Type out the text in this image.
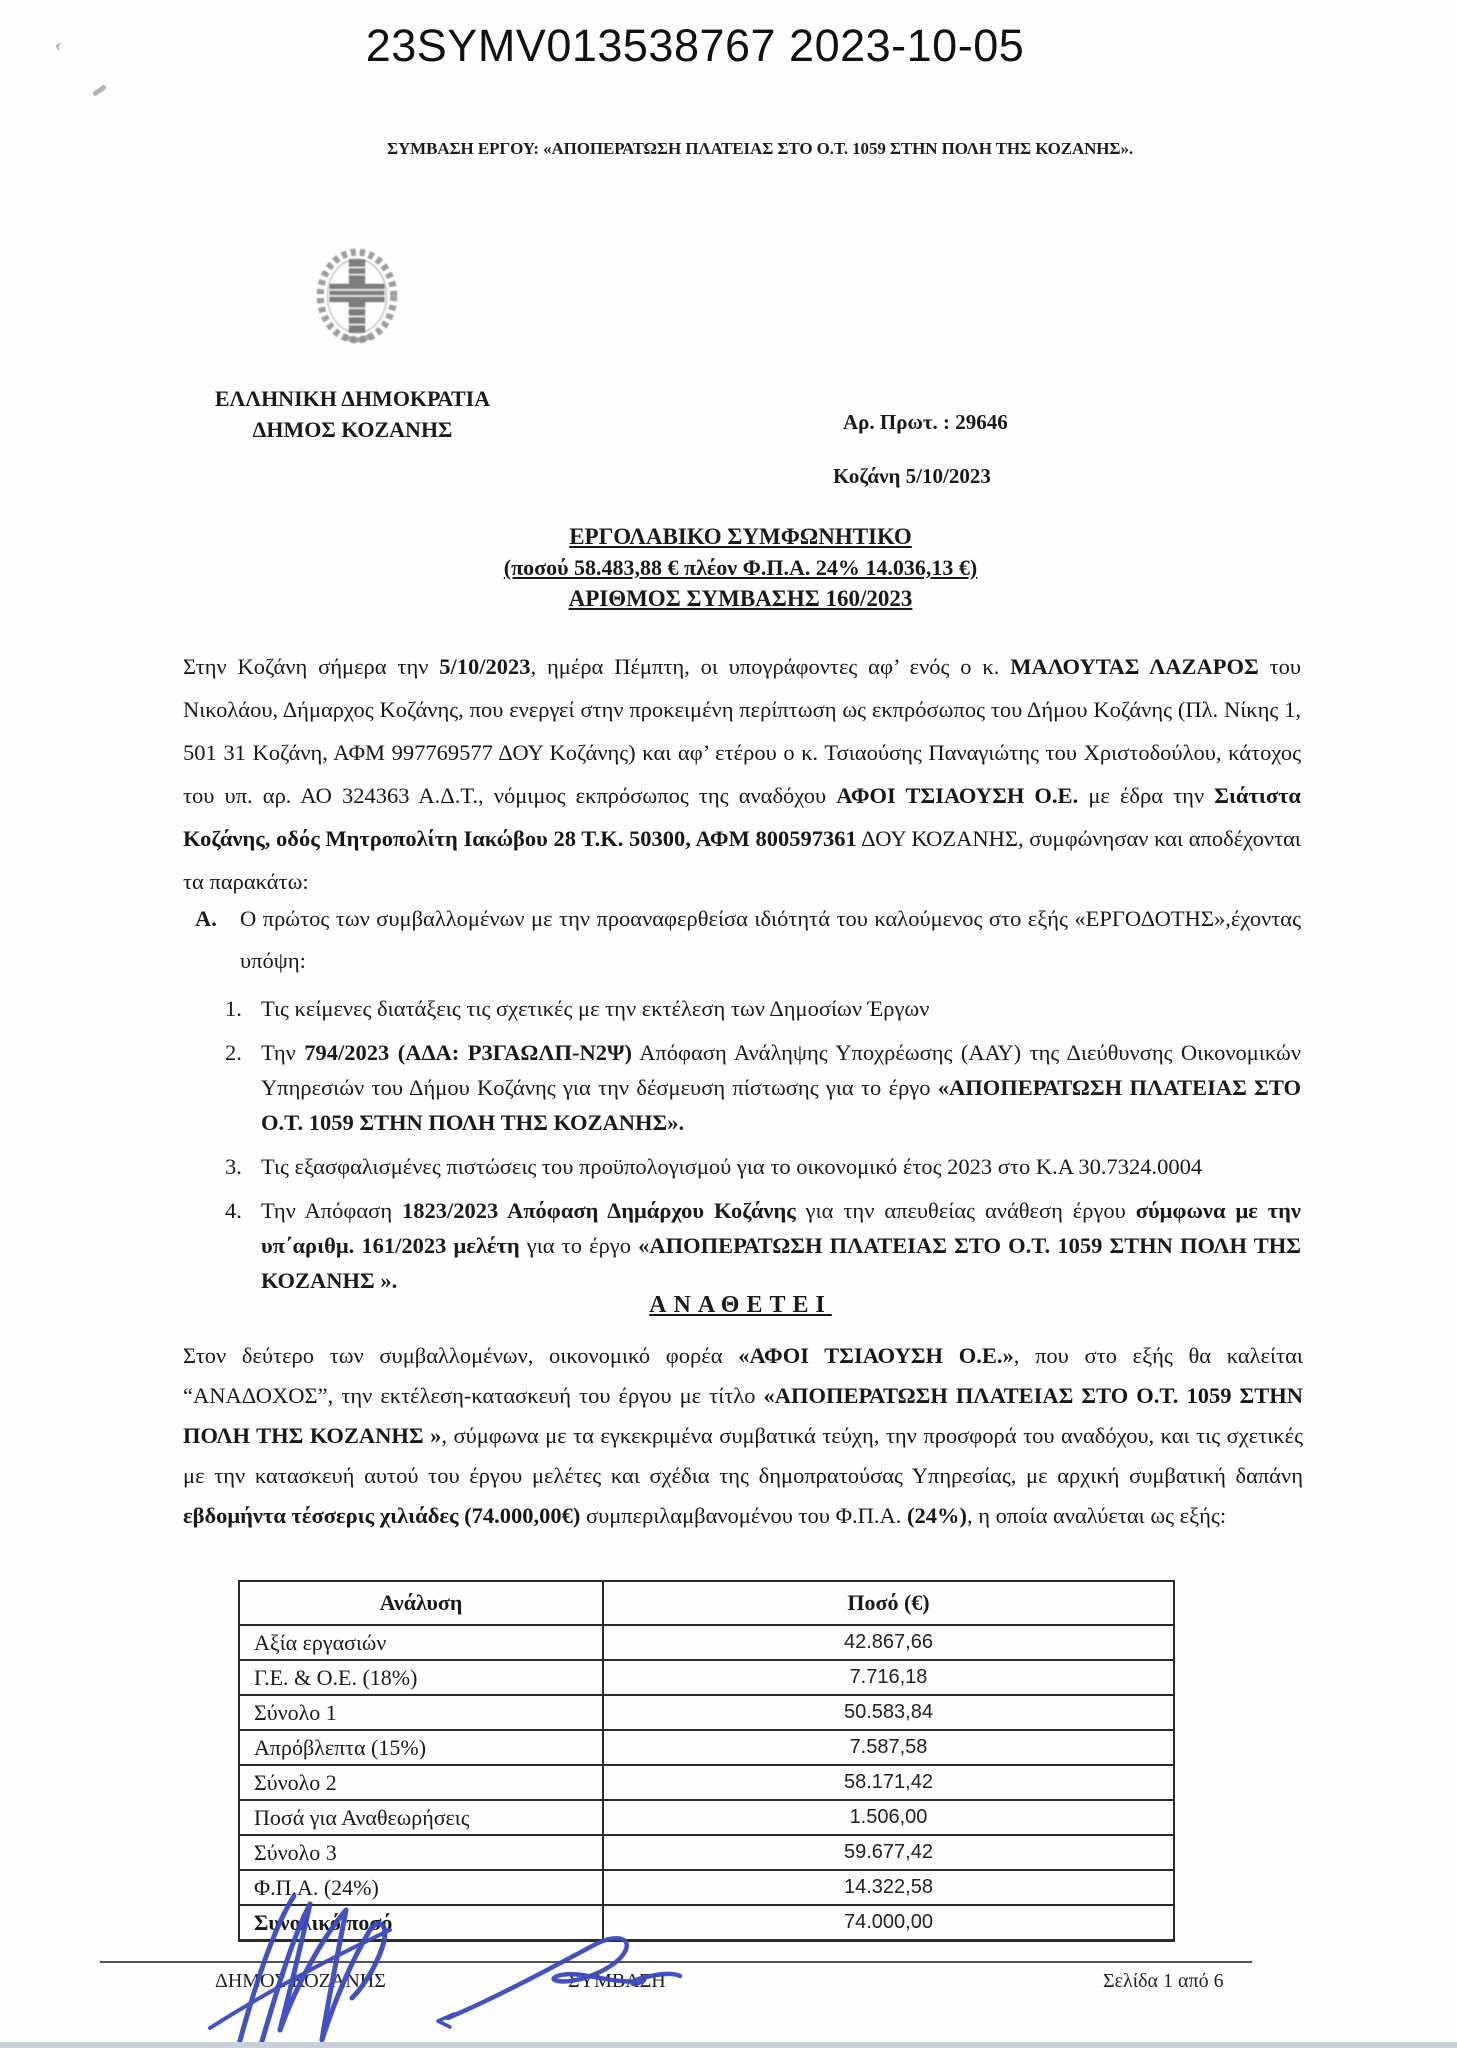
23SYMV013538767 2023-10-05
ΣΥΜΒΑΣΗ ΕΡΓΟΥ: «ΑΠΟΠΕΡΑΤΩΣΗ ΠΛΑΤΕΙΑΣ ΣΤΟ Ο.Τ. 1059 ΣΤΗΝ ΠΟΛΗ ΤΗΣ ΚΟΖΑΝΗΣ».
ΕΛΛΗΝΙΚΗ ΔΗΜΟΚΡΑΤΙΑ
ΔΗΜΟΣ ΚΟΖΑΝΗΣ	Αρ. Πρωτ. : 29646
Κοζάνη 5/10/2023
ΕΡΓΟΛΑΒΙΚΟ ΣΥΜΦΩΝΗΤΙΚΟ
(ποσού 58.483,88 € πλέον Φ.Π.Α. 24% 14.036,13 €)
ΑΡΙΘΜΟΣ ΣΥΜΒΑΣΗΣ 160/2023
Στην Κοζάνη σήμερα την 5/10/2023, ημέρα Πέμπτη, οι υπογράφοντες αφ’ ενός ο κ. ΜΑΛΟΥΤΑΣ ΛΑΖΑΡΟΣ του Νικολάου, Δήμαρχος Κοζάνης, που ενεργεί στην προκειμένη περίπτωση ως εκπρόσωπος του Δήμου Κοζάνης (Πλ. Νίκης 1, 501 31 Κοζάνη, ΑΦΜ 997769577 ΔΟΥ Κοζάνης) και αφ’ ετέρου ο κ. Τσιαούσης Παναγιώτης του Χριστοδούλου, κάτοχος του υπ. αρ. ΑΟ 324363 Α.Δ.Τ., νόμιμος εκπρόσωπος της αναδόχου ΑΦΟΙ ΤΣΙΑΟΥΣΗ Ο.Ε. με έδρα την Σιάτιστα Κοζάνης, οδός Μητροπολίτη Ιακώβου 28 Τ.Κ. 50300, ΑΦΜ 800597361 ΔΟΥ ΚΟΖΑΝΗΣ, συμφώνησαν και αποδέχονται τα παρακάτω:
Α.	Ο πρώτος των συμβαλλομένων με την προαναφερθείσα ιδιότητά του καλούμενος στο εξής «ΕΡΓΟΔΟΤΗΣ»,έχοντας υπόψη:
1. Τις κείμενες διατάξεις τις σχετικές με την εκτέλεση των Δημοσίων Έργων
2. Την 794/2023 (ΑΔΑ: Ρ3ΓΑΩΛΠ-Ν2Ψ) Απόφαση Ανάληψης Υποχρέωσης (ΑΑΥ) της Διεύθυνσης Οικονομικών Υπηρεσιών του Δήμου Κοζάνης για την δέσμευση πίστωσης για το έργο «ΑΠΟΠΕΡΑΤΩΣΗ ΠΛΑΤΕΙΑΣ ΣΤΟ Ο.Τ. 1059 ΣΤΗΝ ΠΟΛΗ ΤΗΣ ΚΟΖΑΝΗΣ».
3. Τις εξασφαλισμένες πιστώσεις του προϋπολογισμού για το οικονομικό έτος 2023 στο Κ.Α 30.7324.0004
4. Την Απόφαση 1823/2023 Απόφαση Δημάρχου Κοζάνης για την απευθείας ανάθεση έργου σύμφωνα με την υπ΄αριθμ. 161/2023 μελέτη για το έργο «ΑΠΟΠΕΡΑΤΩΣΗ ΠΛΑΤΕΙΑΣ ΣΤΟ Ο.Τ. 1059 ΣΤΗΝ ΠΟΛΗ ΤΗΣ ΚΟΖΑΝΗΣ ».
ΑΝΑΘΕΤΕΙ
Στον δεύτερο των συμβαλλομένων, οικονομικό φορέα «ΑΦΟΙ ΤΣΙΑΟΥΣΗ Ο.Ε.», που στο εξής θα καλείται “ΑΝΑΔΟΧΟΣ”, την εκτέλεση-κατασκευή του έργου με τίτλο «ΑΠΟΠΕΡΑΤΩΣΗ ΠΛΑΤΕΙΑΣ ΣΤΟ Ο.Τ. 1059 ΣΤΗΝ ΠΟΛΗ ΤΗΣ ΚΟΖΑΝΗΣ », σύμφωνα με τα εγκεκριμένα συμβατικά τεύχη, την προσφορά του αναδόχου, και τις σχετικές με την κατασκευή αυτού του έργου μελέτες και σχέδια της δημοπρατούσας Υπηρεσίας, με αρχική συμβατική δαπάνη εβδομήντα τέσσερις χιλιάδες (74.000,00€) συμπεριλαμβανομένου του Φ.Π.Α. (24%), η οποία αναλύεται ως εξής:
Ανάλυση	Ποσό (€)
Αξία εργασιών	42.867,66
Γ.Ε. & Ο.Ε. (18%)	7.716,18
Σύνολο 1	50.583,84
Απρόβλεπτα (15%)	7.587,58
Σύνολο 2	58.171,42
Ποσά για Αναθεωρήσεις	1.506,00
Σύνολο 3	59.677,42
Φ.Π.Α. (24%)	14.322,58
Συνολικό ποσό	74.000,00
ΔΗΜΟΣ ΚΟΖΑΝΗΣ	ΣΥΜΒΑΣΗ	Σελίδα 1 από 6
‹
